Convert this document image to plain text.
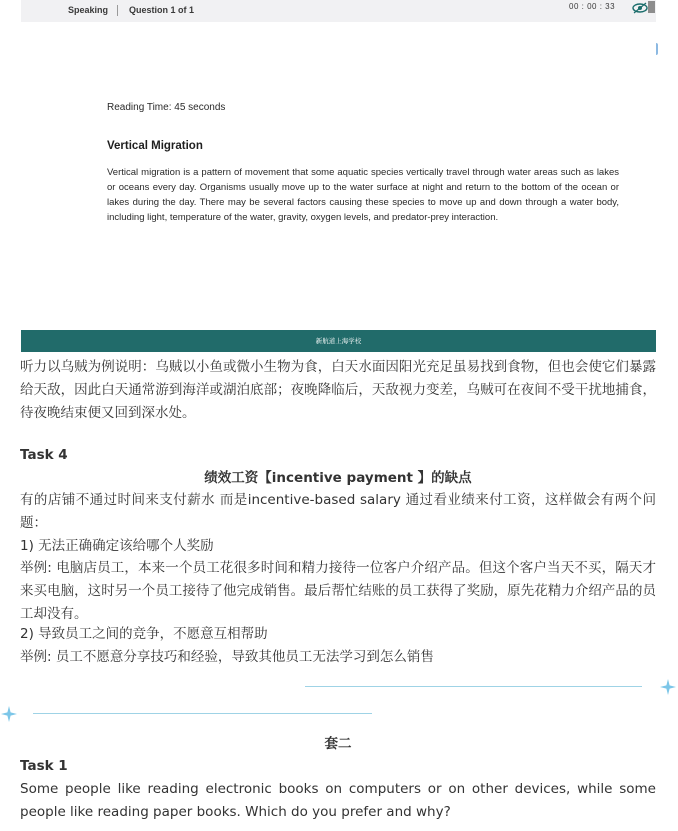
Speaking Question 1 of 1	00 : 00 : 33
Reading Time: 45 seconds
Vertical Migration
Vertical migration is a pattern of movement that some aquatic species vertically travel through water areas such as lakes or oceans every day. Organisms usually move up to the water surface at night and return to the bottom of the ocean or lakes during the day. There may be several factors causing these species to move up and down through a water body, including light, temperature of the water, gravity, oxygen levels, and predator-prey interaction.
新航道上海学校
听力以乌贼为例说明：乌贼以小鱼或微小生物为食，白天水面因阳光充足虽易找到食物，但也会使它们暴露给天敌，因此白天通常游到海洋或湖泊底部；夜晚降临后，天敌视力变差，乌贼可在夜间不受干扰地捕食，待夜晚结束便又回到深水处。
Task 4
绩效工资【incentive payment 】的缺点
有的店铺不通过时间来支付薪水 而是incentive-based salary 通过看业绩来付工资，这样做会有两个问题：
1) 无法正确确定该给哪个人奖励
举例: 电脑店员工，本来一个员工花很多时间和精力接待一位客户介绍产品。但这个客户当天不买，隔天才来买电脑，这时另一个员工接待了他完成销售。最后帮忙结账的员工获得了奖励，原先花精力介绍产品的员工却没有。
2) 导致员工之间的竞争，不愿意互相帮助
举例: 员工不愿意分享技巧和经验，导致其他员工无法学习到怎么销售
套二
Task 1
Some people like reading electronic books on computers or on other devices, while some people like reading paper books. Which do you prefer and why?
